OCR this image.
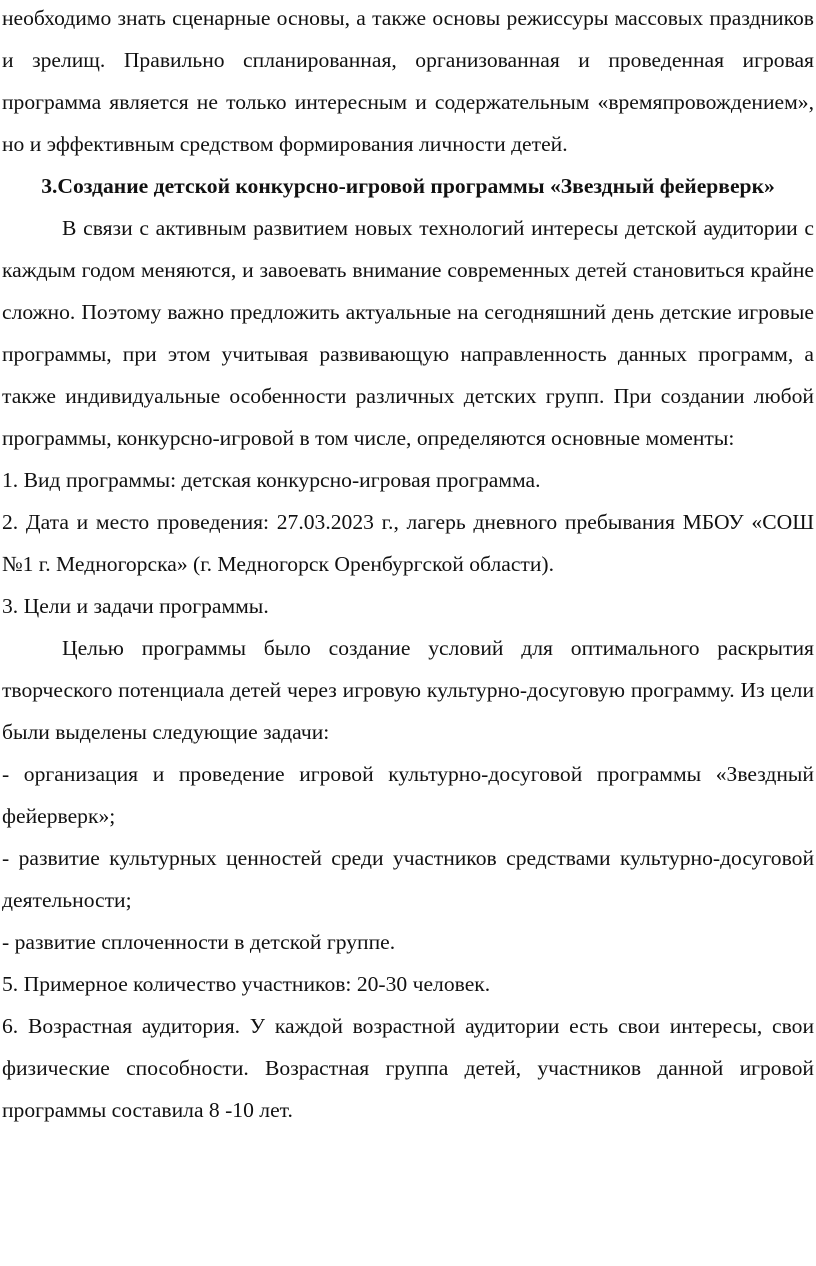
необходимо знать сценарные основы, а также основы режиссуры массовых праздников и зрелищ. Правильно спланированная, организованная и проведенная игровая программа является не только интересным и содержательным «времяпровождением», но и эффективным средством формирования личности детей.

3.Создание детской конкурсно-игровой программы «Звездный фейерверк»

В связи с активным развитием новых технологий интересы детской аудитории с каждым годом меняются, и завоевать внимание современных детей становиться крайне сложно. Поэтому важно предложить актуальные на сегодняшний день детские игровые программы, при этом учитывая развивающую направленность данных программ, а также индивидуальные особенности различных детских групп. При создании любой программы, конкурсно-игровой в том числе, определяются основные моменты:

1. Вид программы: детская конкурсно-игровая программа.

2. Дата и место проведения: 27.03.2023 г., лагерь дневного пребывания МБОУ «СОШ №1 г. Медногорска» (г. Медногорск Оренбургской области).

3. Цели и задачи программы.

Целью программы было создание условий для оптимального раскрытия творческого потенциала детей через игровую культурно-досуговую программу. Из цели были выделены следующие задачи:

- организация и проведение игровой культурно-досуговой программы «Звездный фейерверк»;

- развитие культурных ценностей среди участников средствами культурно-досуговой деятельности;

- развитие сплоченности в детской группе.

5. Примерное количество участников: 20-30 человек.

6. Возрастная аудитория. У каждой возрастной аудитории есть свои интересы, свои физические способности. Возрастная группа детей, участников данной игровой программы составила 8 -10 лет.
